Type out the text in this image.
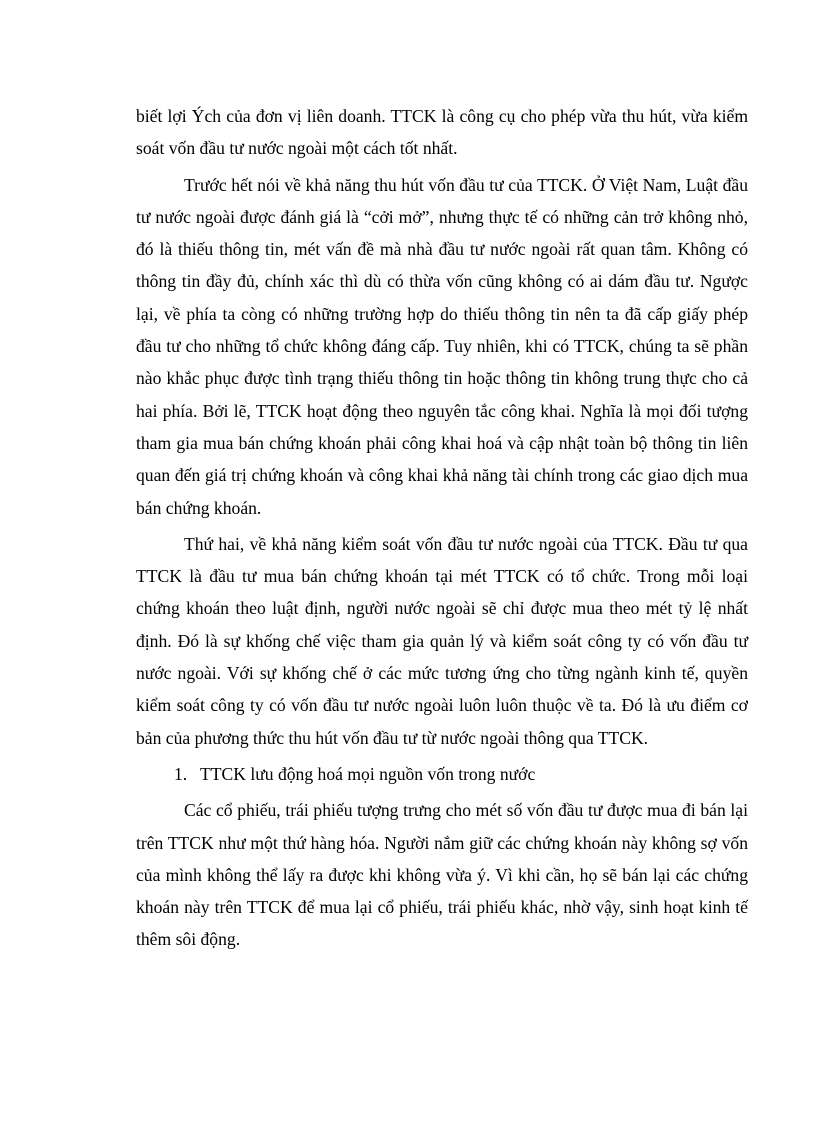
biết lợi Ých của đơn vị liên doanh. TTCK là công cụ cho phép vừa thu hút, vừa kiểm soát vốn đầu tư nước ngoài một cách tốt nhất.

Trước hết nói về khả năng thu hút vốn đầu tư của TTCK. Ở Việt Nam, Luật đầu tư nước ngoài được đánh giá là “cởi mở”, nhưng thực tế có những cản trở không nhỏ, đó là thiếu thông tin, mét vấn đề mà nhà đầu tư nước ngoài rất quan tâm. Không có thông tin đầy đủ, chính xác thì dù có thừa vốn cũng không có ai dám đầu tư. Ngược lại, về phía ta còng có những trường hợp do thiếu thông tin nên ta đã cấp giấy phép đầu tư cho những tổ chức không đáng cấp. Tuy nhiên, khi có TTCK, chúng ta sẽ phần nào khắc phục được tình trạng thiếu thông tin hoặc thông tin không trung thực cho cả hai phía. Bởi lẽ, TTCK hoạt động theo nguyên tắc công khai. Nghĩa là mọi đối tượng tham gia mua bán chứng khoán phải công khai hoá và cập nhật toàn bộ thông tin liên quan đến giá trị chứng khoán và công khai khả năng tài chính trong các giao dịch mua bán chứng khoán.

Thứ hai, về khả năng kiểm soát vốn đầu tư nước ngoài của TTCK. Đầu tư qua TTCK là đầu tư mua bán chứng khoán tại mét TTCK có tổ chức. Trong mỗi loại chứng khoán theo luật định, người nước ngoài sẽ chỉ được mua theo mét tỷ lệ nhất định. Đó là sự khống chế việc tham gia quản lý và kiểm soát công ty có vốn đầu tư nước ngoài. Với sự khống chế ở các mức tương ứng cho từng ngành kinh tế, quyền kiểm soát công ty có vốn đầu tư nước ngoài luôn luôn thuộc về ta. Đó là ưu điểm cơ bản của phương thức thu hút vốn đầu tư từ nước ngoài thông qua TTCK.

1. TTCK lưu động hoá mọi nguồn vốn trong nước

Các cổ phiếu, trái phiếu tượng trưng cho mét số vốn đầu tư được mua đi bán lại trên TTCK như một thứ hàng hóa. Người nắm giữ các chứng khoán này không sợ vốn của mình không thể lấy ra được khi không vừa ý. Vì khi cần, họ sẽ bán lại các chứng khoán này trên TTCK để mua lại cổ phiếu, trái phiếu khác, nhờ vậy, sinh hoạt kinh tế thêm sôi động.
